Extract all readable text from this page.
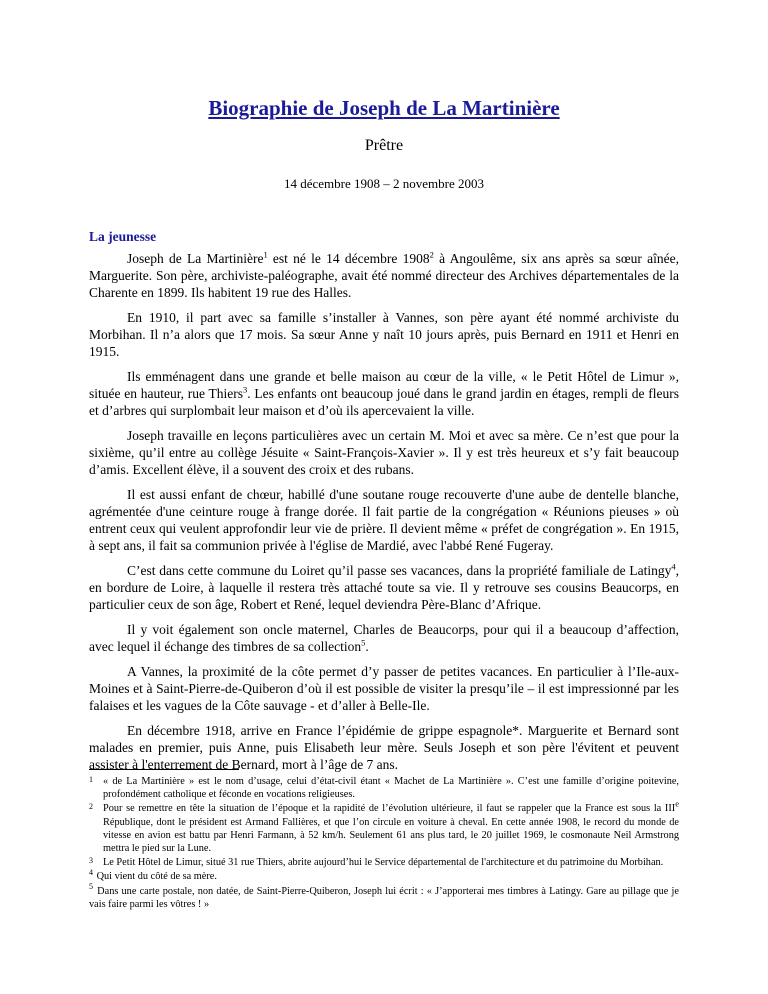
Biographie de Joseph de La Martinière

Prêtre

14 décembre 1908 – 2 novembre 2003

La jeunesse

Joseph de La Martinière$^1$ est né le 14 décembre 1908$^2$ à Angoulême, six ans après sa sœur aînée, Marguerite. Son père, archiviste-paléographe, avait été nommé directeur des Archives départementales de la Charente en 1899. Ils habitent 19 rue des Halles.

En 1910, il part avec sa famille s’installer à Vannes, son père ayant été nommé archiviste du Morbihan. Il n’a alors que 17 mois. Sa sœur Anne y naît 10 jours après, puis Bernard en 1911 et Henri en 1915.

Ils emménagent dans une grande et belle maison au cœur de la ville, « le Petit Hôtel de Limur », située en hauteur, rue Thiers$^3$. Les enfants ont beaucoup joué dans le grand jardin en étages, rempli de fleurs et d’arbres qui surplombait leur maison et d’où ils apercevaient la ville.

Joseph travaille en leçons particulières avec un certain M. Moi et avec sa mère. Ce n’est que pour la sixième, qu’il entre au collège Jésuite « Saint-François-Xavier ». Il y est très heureux et s’y fait beaucoup d’amis. Excellent élève, il a souvent des croix et des rubans.

Il est aussi enfant de chœur, habillé d'une soutane rouge recouverte d'une aube de dentelle blanche, agrémentée d'une ceinture rouge à frange dorée. Il fait partie de la congrégation « Réunions pieuses » où entrent ceux qui veulent approfondir leur vie de prière. Il devient même « préfet de congrégation ». En 1915, à sept ans, il fait sa communion privée à l'église de Mardié, avec l'abbé René Fugeray.

C’est dans cette commune du Loiret qu’il passe ses vacances, dans la propriété familiale de Latingy$^4$, en bordure de Loire, à laquelle il restera très attaché toute sa vie. Il y retrouve ses cousins Beaucorps, en particulier ceux de son âge, Robert et René, lequel deviendra Père-Blanc d’Afrique.

Il y voit également son oncle maternel, Charles de Beaucorps, pour qui il a beaucoup d’affection, avec lequel il échange des timbres de sa collection$^5$.

A Vannes, la proximité de la côte permet d’y passer de petites vacances. En particulier à l’Ile-aux-Moines et à Saint-Pierre-de-Quiberon d’où il est possible de visiter la presqu’ile – il est impressionné par les falaises et les vagues de la Côte sauvage - et d’aller à Belle-Ile.

En décembre 1918, arrive en France l’épidémie de grippe espagnole*. Marguerite et Bernard sont malades en premier, puis Anne, puis Elisabeth leur mère. Seuls Joseph et son père l'évitent et peuvent assister à l'enterrement de Bernard, mort à l’âge de 7 ans.

1 « de La Martinière » est le nom d’usage, celui d’état-civil étant « Machet de La Martinière ». C’est une famille d’origine poitevine, profondément catholique et féconde en vocations religieuses.

2 Pour se remettre en tête la situation de l’époque et la rapidité de l’évolution ultérieure, il faut se rappeler que la France est sous la IIIe République, dont le président est Armand Fallières, et que l’on circule en voiture à cheval. En cette année 1908, le record du monde de vitesse en avion est battu par Henri Farmann, à 52 km/h. Seulement 61 ans plus tard, le 20 juillet 1969, le cosmonaute Neil Armstrong mettra le pied sur la Lune.

3 Le Petit Hôtel de Limur, situé 31 rue Thiers, abrite aujourd’hui le Service départemental de l'architecture et du patrimoine du Morbihan.

$^4$ Qui vient du côté de sa mère.

$^5$ Dans une carte postale, non datée, de Saint-Pierre-Quiberon, Joseph lui écrit : « J’apporterai mes timbres à Latingy. Gare au pillage que je vais faire parmi les vôtres ! »
